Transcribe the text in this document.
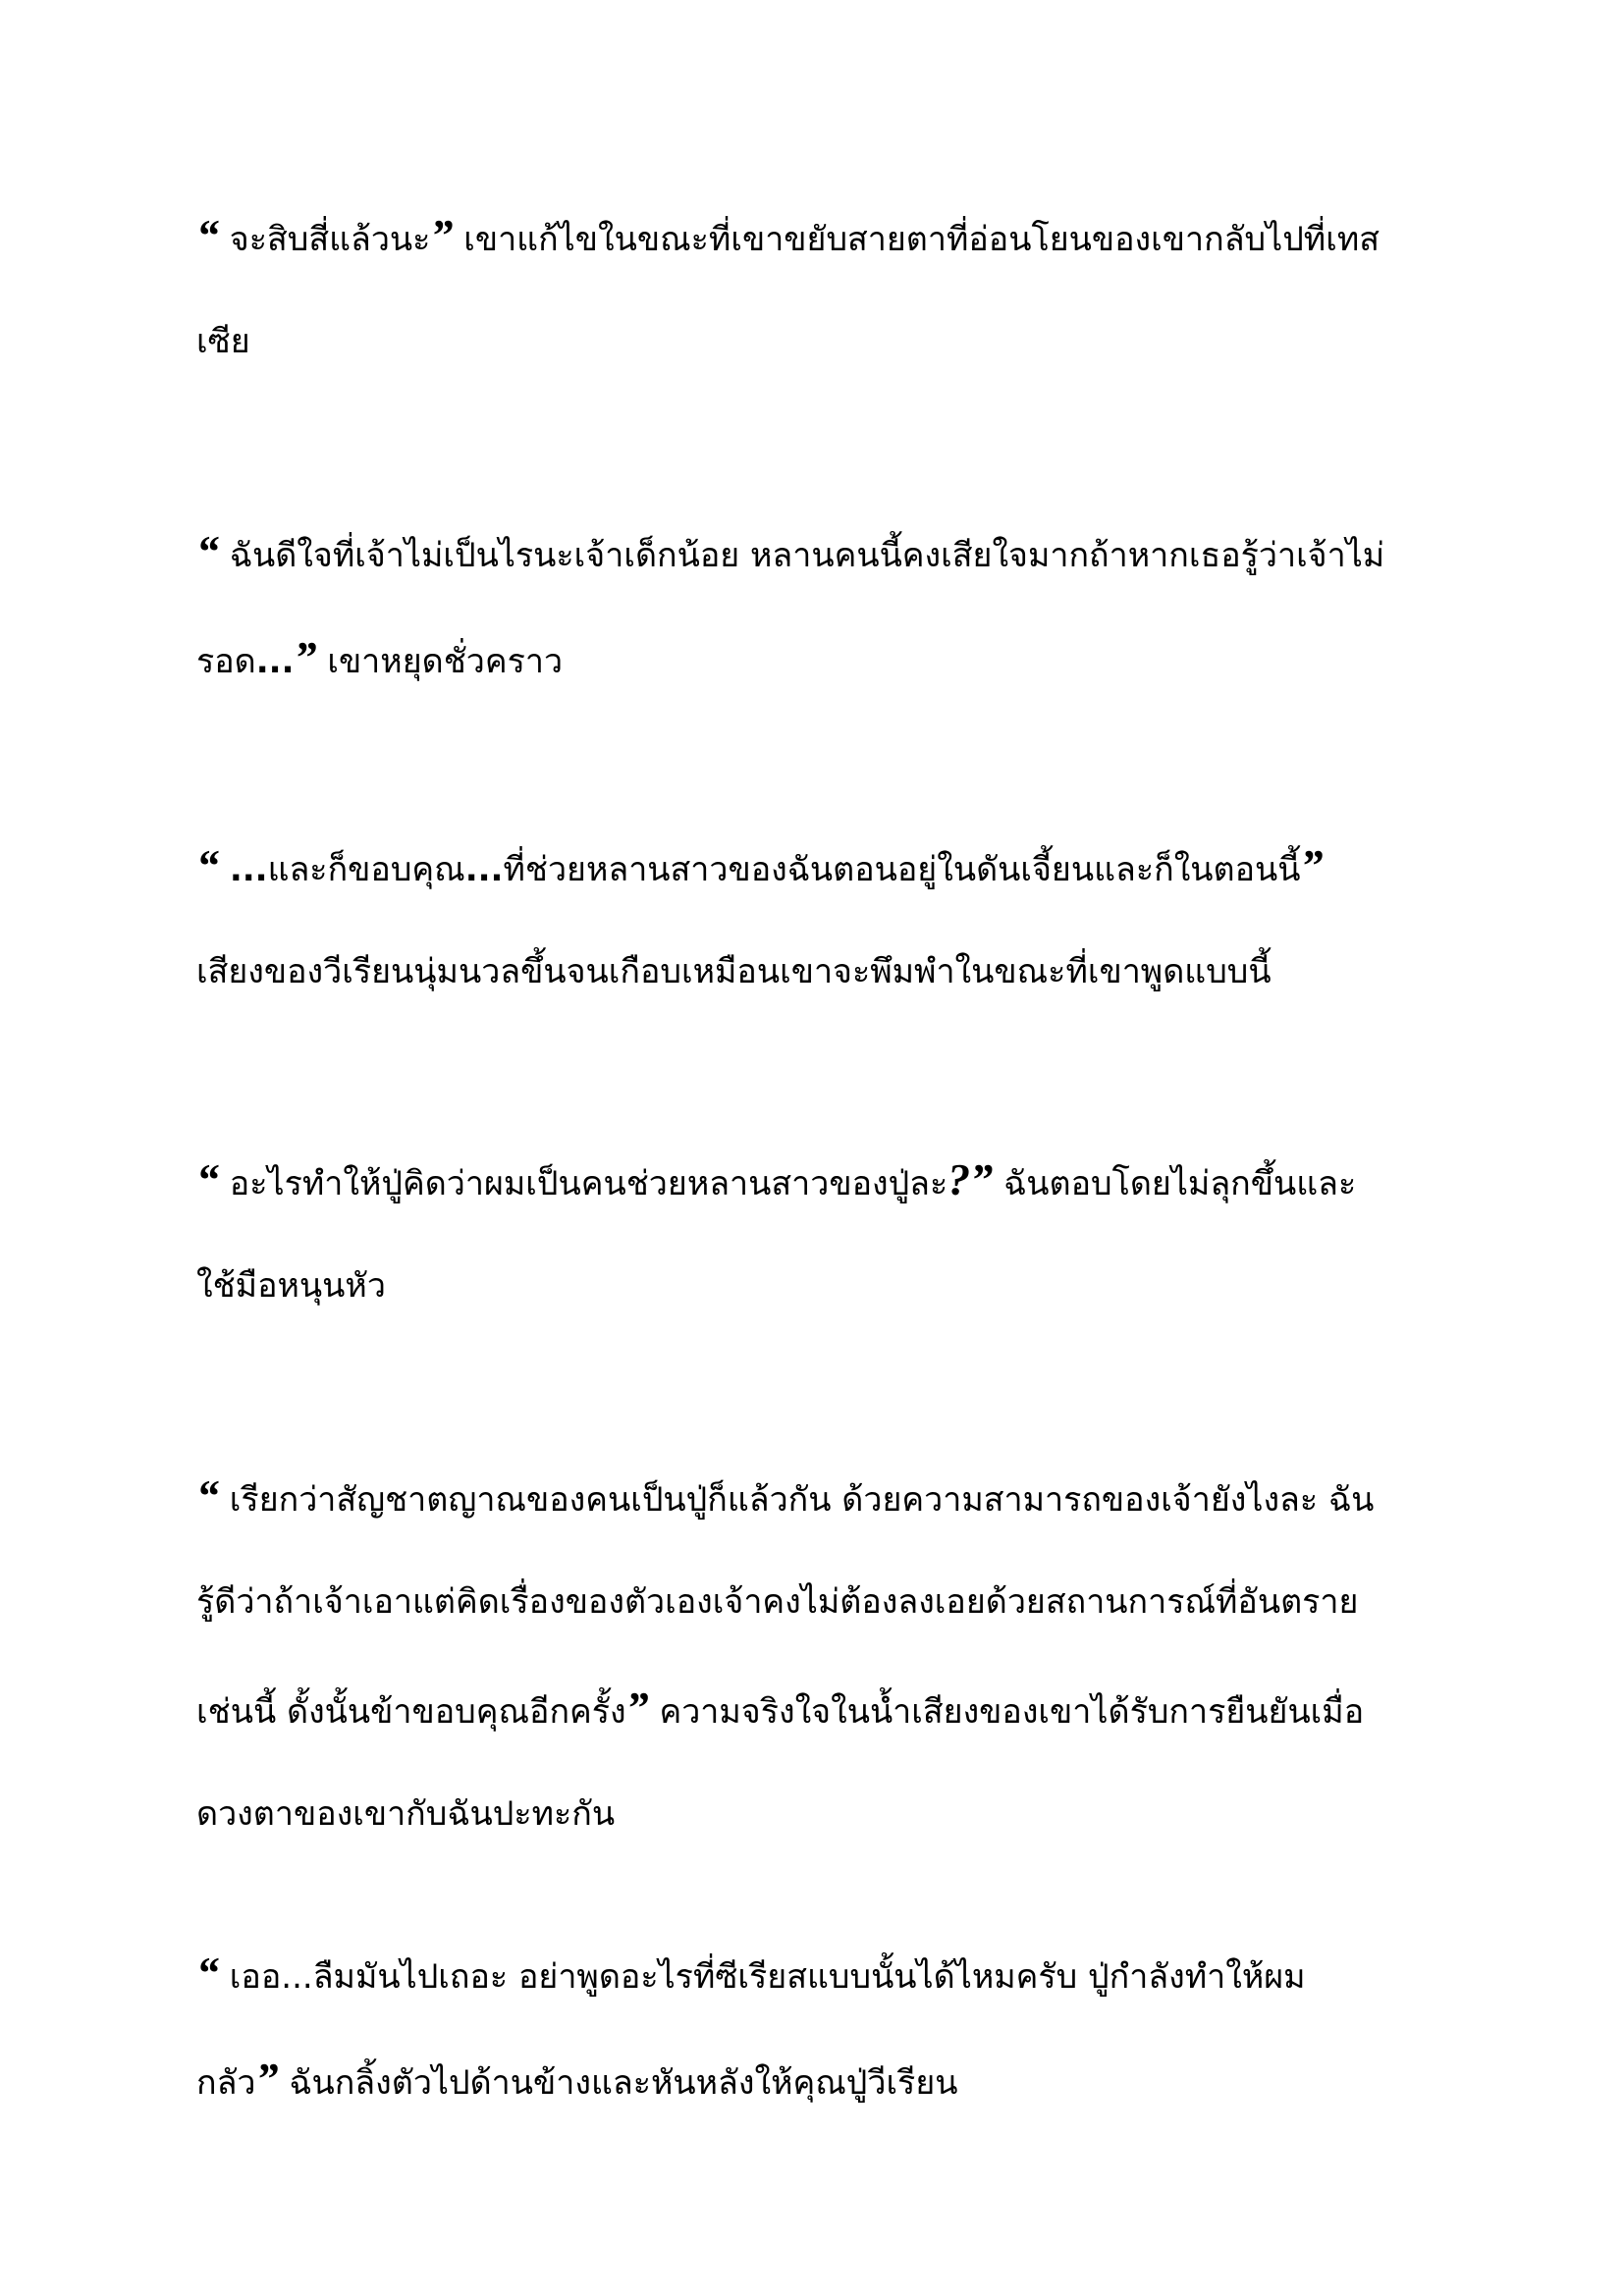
“ จะสิบสี่แล้วนะ” เขาแก้ไขในขณะที่เขาขยับสายตาที่อ่อนโยนของเขากลับไปที่เทส
เซีย
“ ฉันดีใจที่เจ้าไม่เป็นไรนะเจ้าเด็กน้อย หลานคนนี้คงเสียใจมากถ้าหากเธอรู้ว่าเจ้าไม่
รอด...” เขาหยุดชั่วคราว
“ ...และก็ขอบคุณ...ที่ช่วยหลานสาวของฉันตอนอยู่ในดันเจี้ยนและก็ในตอนนี้”
เสียงของวีเรียนนุ่มนวลขึ้นจนเกือบเหมือนเขาจะพึมพำในขณะที่เขาพูดแบบนี้
“ อะไรทำให้ปู่คิดว่าผมเป็นคนช่วยหลานสาวของปู่ละ?” ฉันตอบโดยไม่ลุกขึ้นและ
ใช้มือหนุนหัว
“ เรียกว่าสัญชาตญาณของคนเป็นปู่ก็แล้วกัน ด้วยความสามารถของเจ้ายังไงละ ฉัน
รู้ดีว่าถ้าเจ้าเอาแต่คิดเรื่องของตัวเองเจ้าคงไม่ต้องลงเอยด้วยสถานการณ์ที่อันตราย
เช่นนี้ ดั้งนั้นข้าขอบคุณอีกครั้ง” ความจริงใจในน้ำเสียงของเขาได้รับการยืนยันเมื่อ
ดวงตาของเขากับฉันปะทะกัน
“ เออ...ลืมมันไปเถอะ อย่าพูดอะไรที่ซีเรียสแบบนั้นได้ไหมครับ ปู่กำลังทำให้ผม
กลัว” ฉันกลิ้งตัวไปด้านข้างและหันหลังให้คุณปู่วีเรียน
